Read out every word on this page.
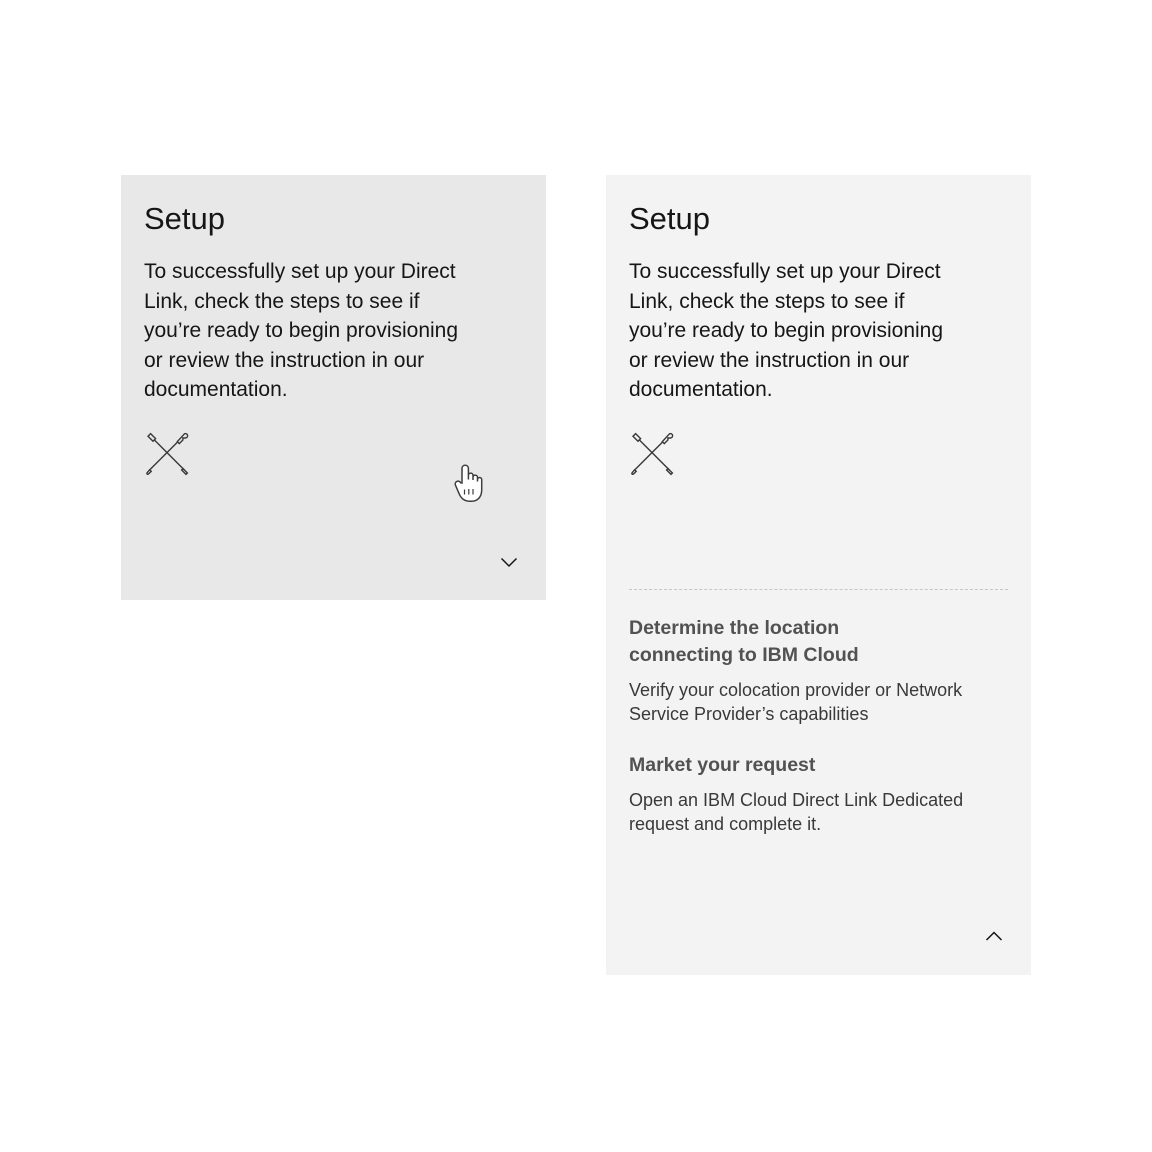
Setup

To successfully set up your Direct Link, check the steps to see if you’re ready to begin provisioning or review the instruction in our documentation.

Setup

To successfully set up your Direct Link, check the steps to see if you’re ready to begin provisioning or review the instruction in our documentation.

Determine the location connecting to IBM Cloud

Verify your colocation provider or Network Service Provider’s capabilities

Market your request

Open an IBM Cloud Direct Link Dedicated request and complete it.
